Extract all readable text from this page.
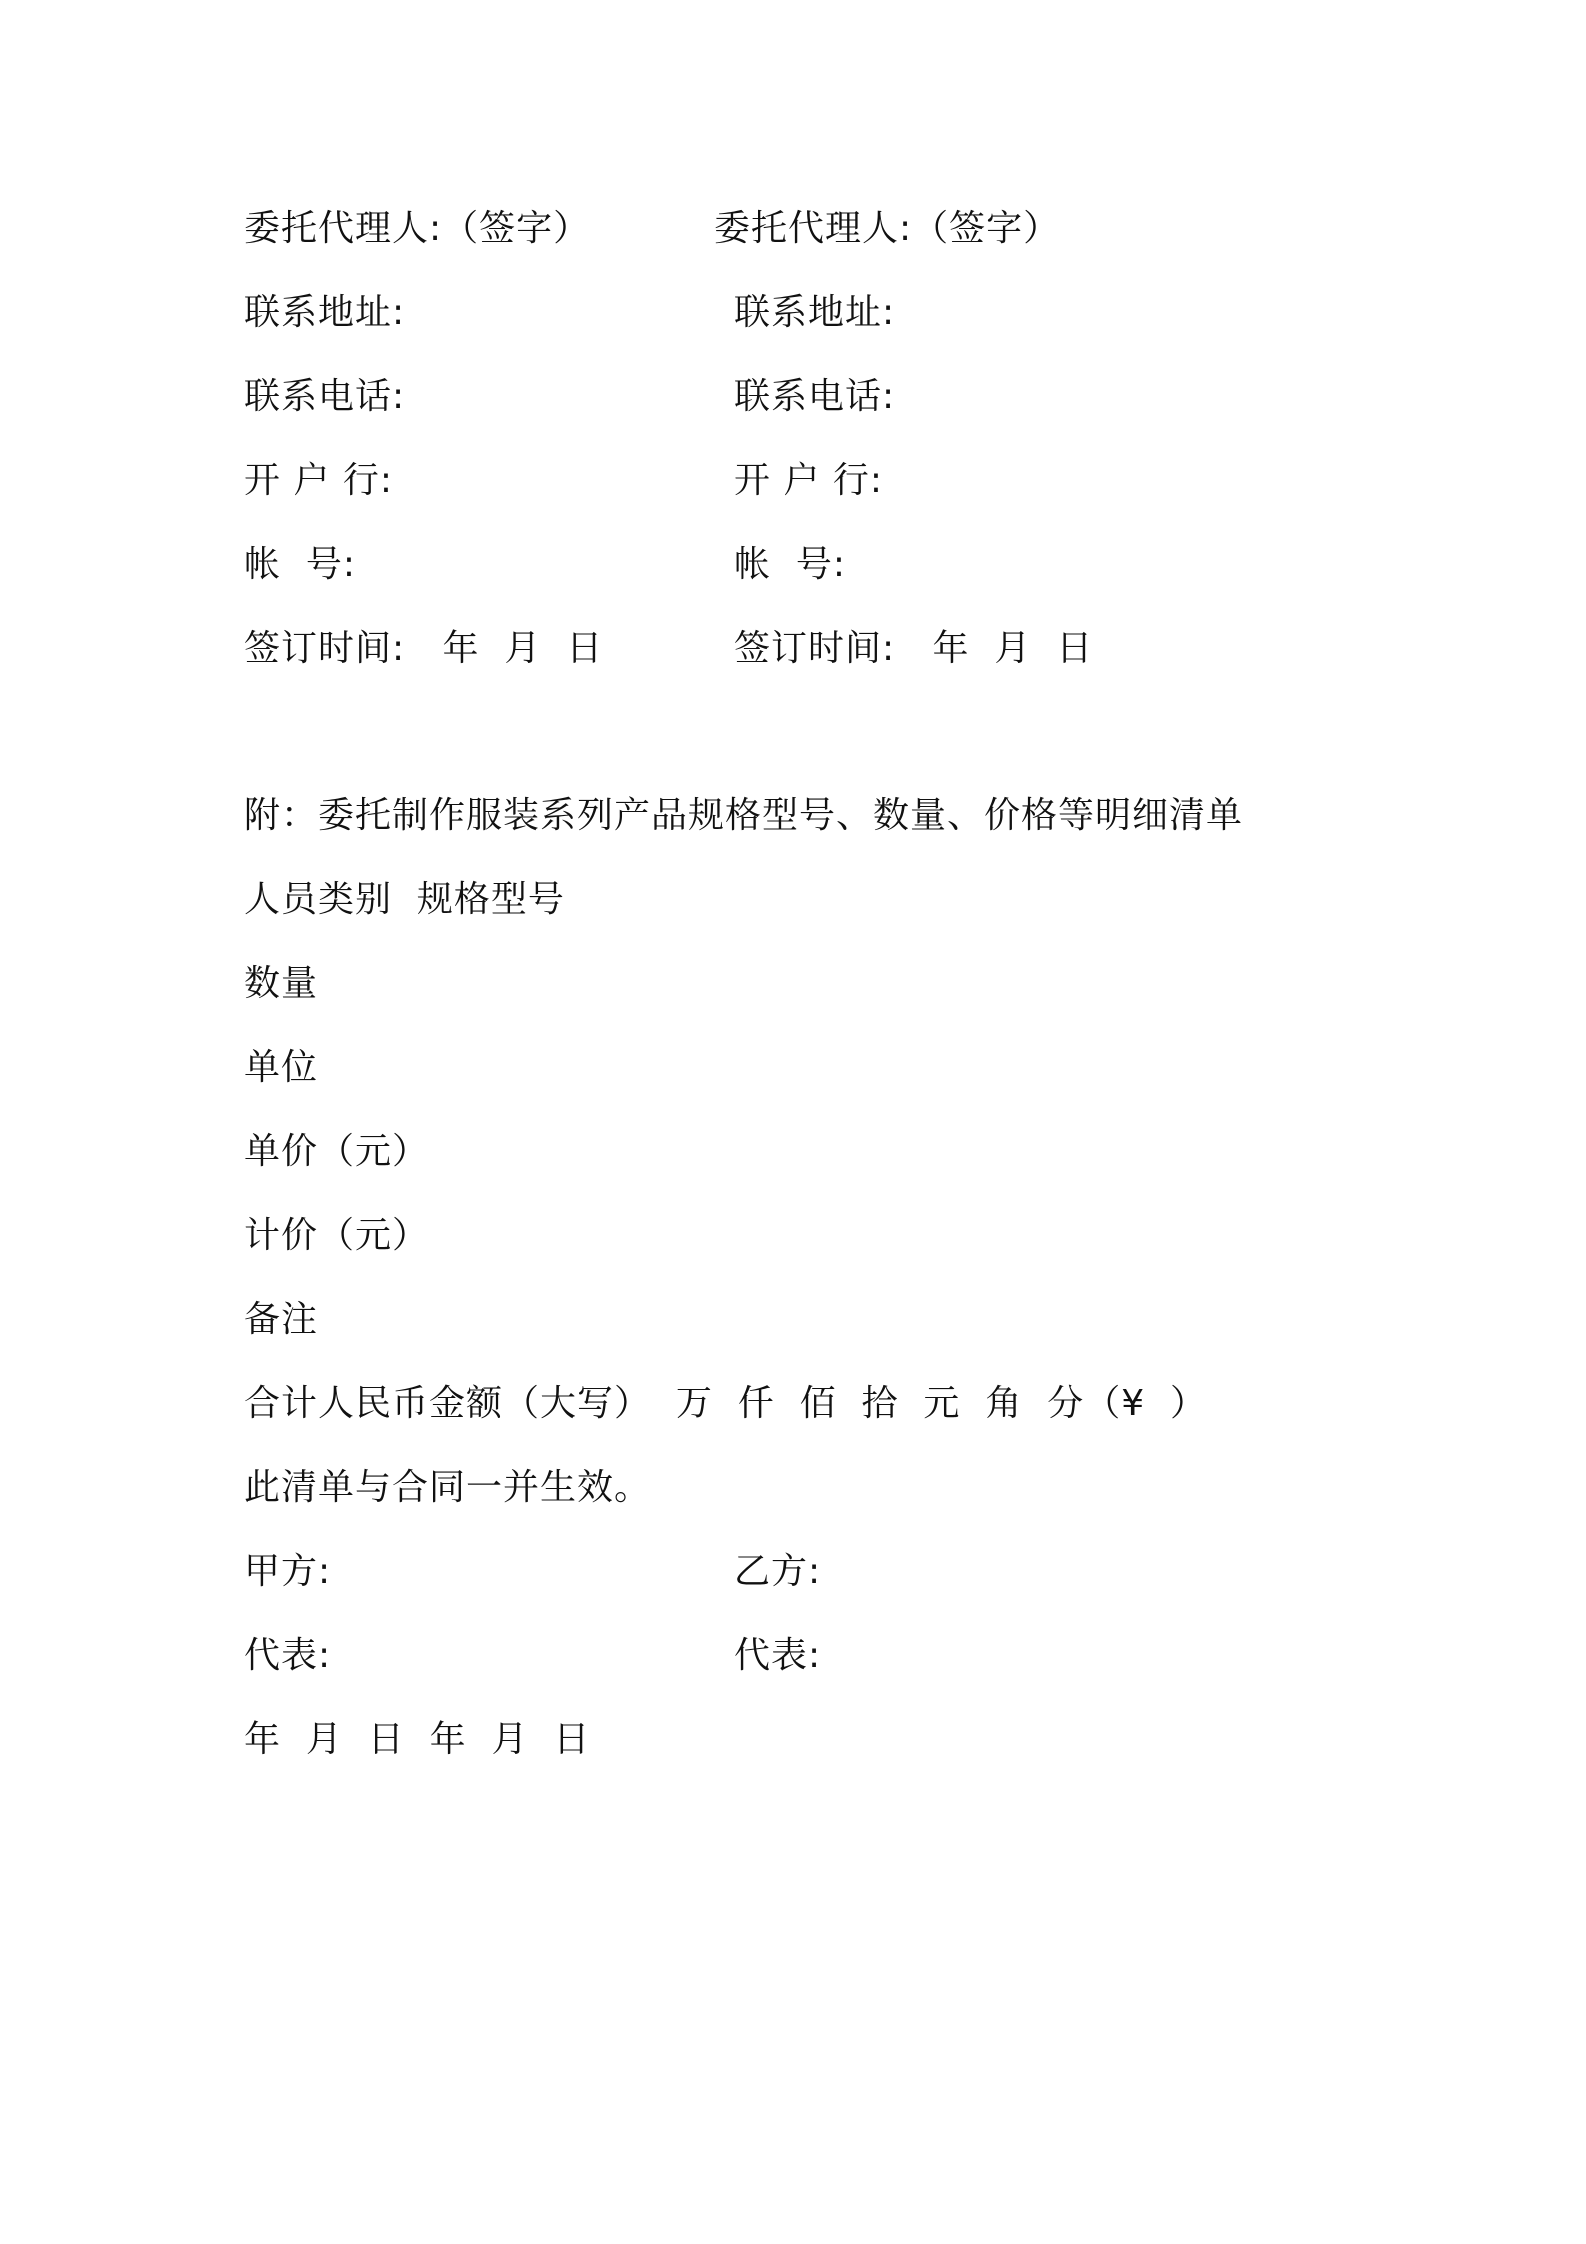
委托代理人:（签字）
联系地址:
联系电话:
开 户 行:
帐  号:
签订时间:   年  月  日
委托代理人:（签字）
联系地址:
联系电话:
开 户 行:
帐  号:
签订时间:   年  月  日
附：委托制作服装系列产品规格型号、数量、价格等明细清单
人员类别  规格型号
数量
单位
单价（元）
计价（元）
备注
合计人民币金额（大写）  万  仟  佰  拾  元  角  分（¥  ）
此清单与合同一并生效。
甲方:	乙方:
代表:	代表:
年  月  日  年  月  日
